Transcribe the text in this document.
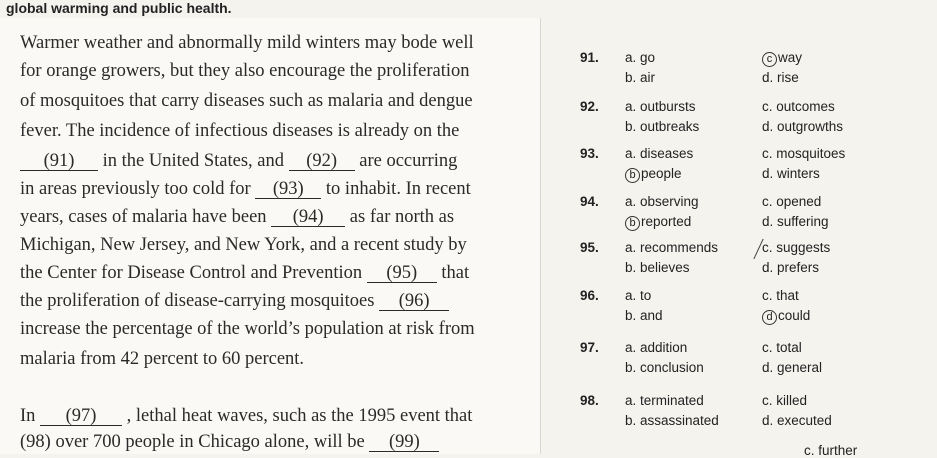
global warming and public health.
Warmer weather and abnormally mild winters may bode well
for orange growers, but they also encourage the proliferation
of mosquitoes that carry diseases such as malaria and dengue
fever. The incidence of infectious diseases is already on the
(91) in the United States, and (92) are occurring
in areas previously too cold for (93) to inhabit. In recent
years, cases of malaria have been (94) as far north as
Michigan, New Jersey, and New York, and a recent study by
the Center for Disease Control and Prevention (95) that
the proliferation of disease-carrying mosquitoes (96)
increase the percentage of the world’s population at risk from
malaria from 42 percent to 60 percent.
In (97) , lethal heat waves, such as the 1995 event that
(98) over 700 people in Chicago alone, will be (99)
91. a. go
b. air
c way
d. rise
92. a. outbursts
b. outbreaks
c. outcomes
d. outgrowths
93. a. diseases
b people
c. mosquitoes
d. winters
94. a. observing
b reported
c. opened
d. suffering
95. a. recommends
b. believes
c. suggests
d. prefers
96. a. to
b. and
c. that
d could
97. a. addition
b. conclusion
c. total
d. general
98. a. terminated
b. assassinated
c. killed
d. executed
c. further
